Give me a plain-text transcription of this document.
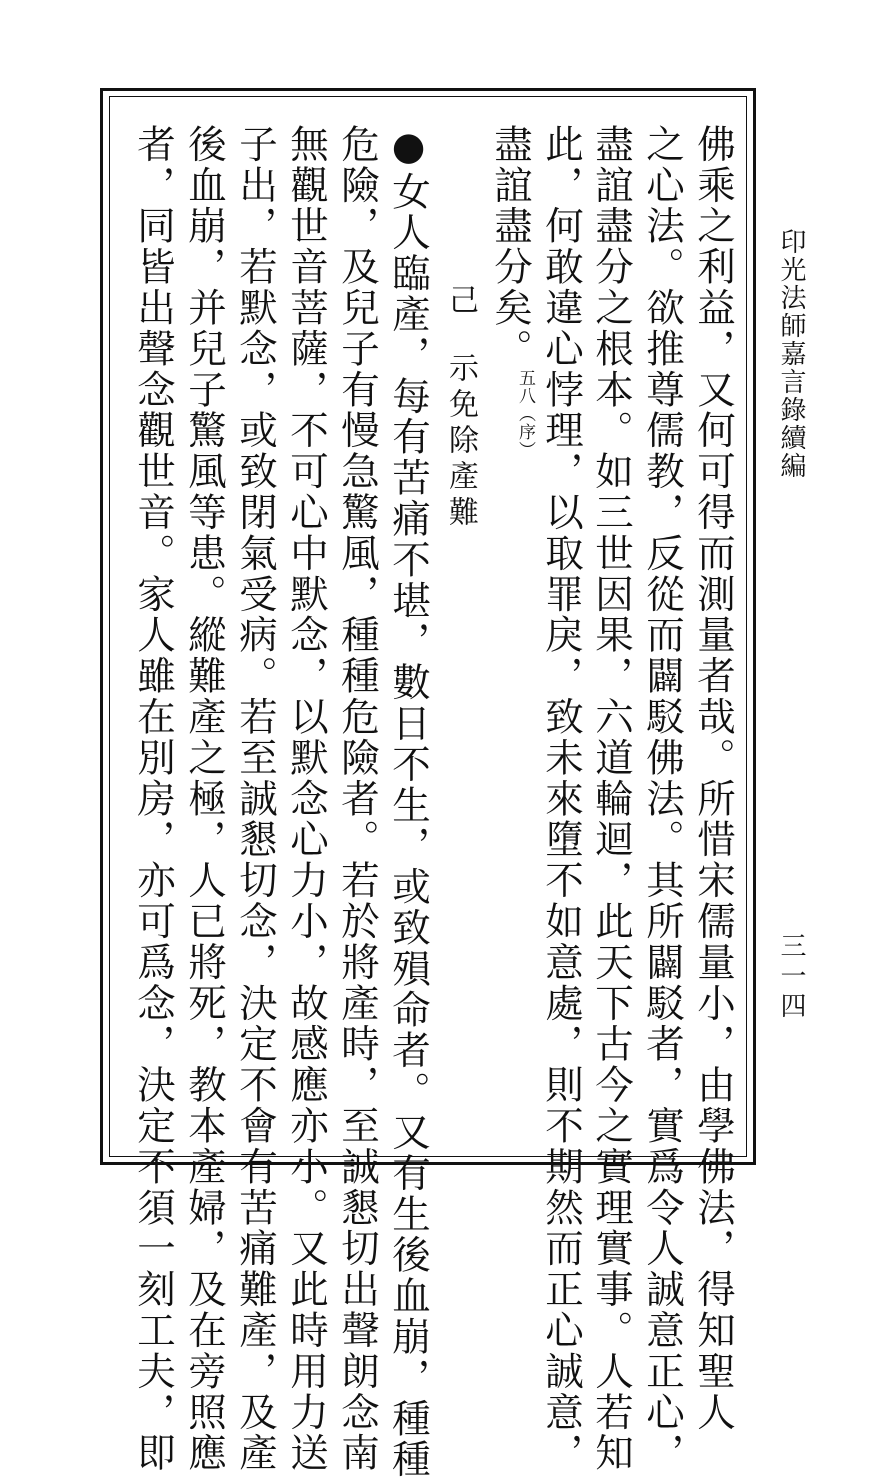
印光法師嘉言錄續編
三一四
佛乘之利益，又何可得而測量者哉。所惜宋儒量小，由學佛法，得知聖人
之心法。欲推尊儒教，反從而闢駁佛法。其所闢駁者，實爲令人誠意正心，
盡誼盡分之根本。如三世因果，六道輪迴，此天下古今之實理實事。人若知
此，何敢違心悖理，以取罪戾，致未來墮不如意處，則不期然而正心誠意，
盡誼盡分矣。
（序）
五八
己
示免除產難
●女人臨產，每有苦痛不堪，數日不生，或致殞命者。又有生後血崩，種種
危險，及兒子有慢急驚風，種種危險者。若於將產時，至誠懇切出聲朗念南
無觀世音菩薩，不可心中默念，以默念心力小，故感應亦小。又此時用力送
子出，若默念，或致閉氣受病。若至誠懇切念，決定不會有苦痛難產，及產
後血崩，并兒子驚風等患。縱難產之極，人已將死，教本產婦，及在旁照應
者，同皆出聲念觀世音。家人雖在別房，亦可爲念，決定不須一刻工夫，即
